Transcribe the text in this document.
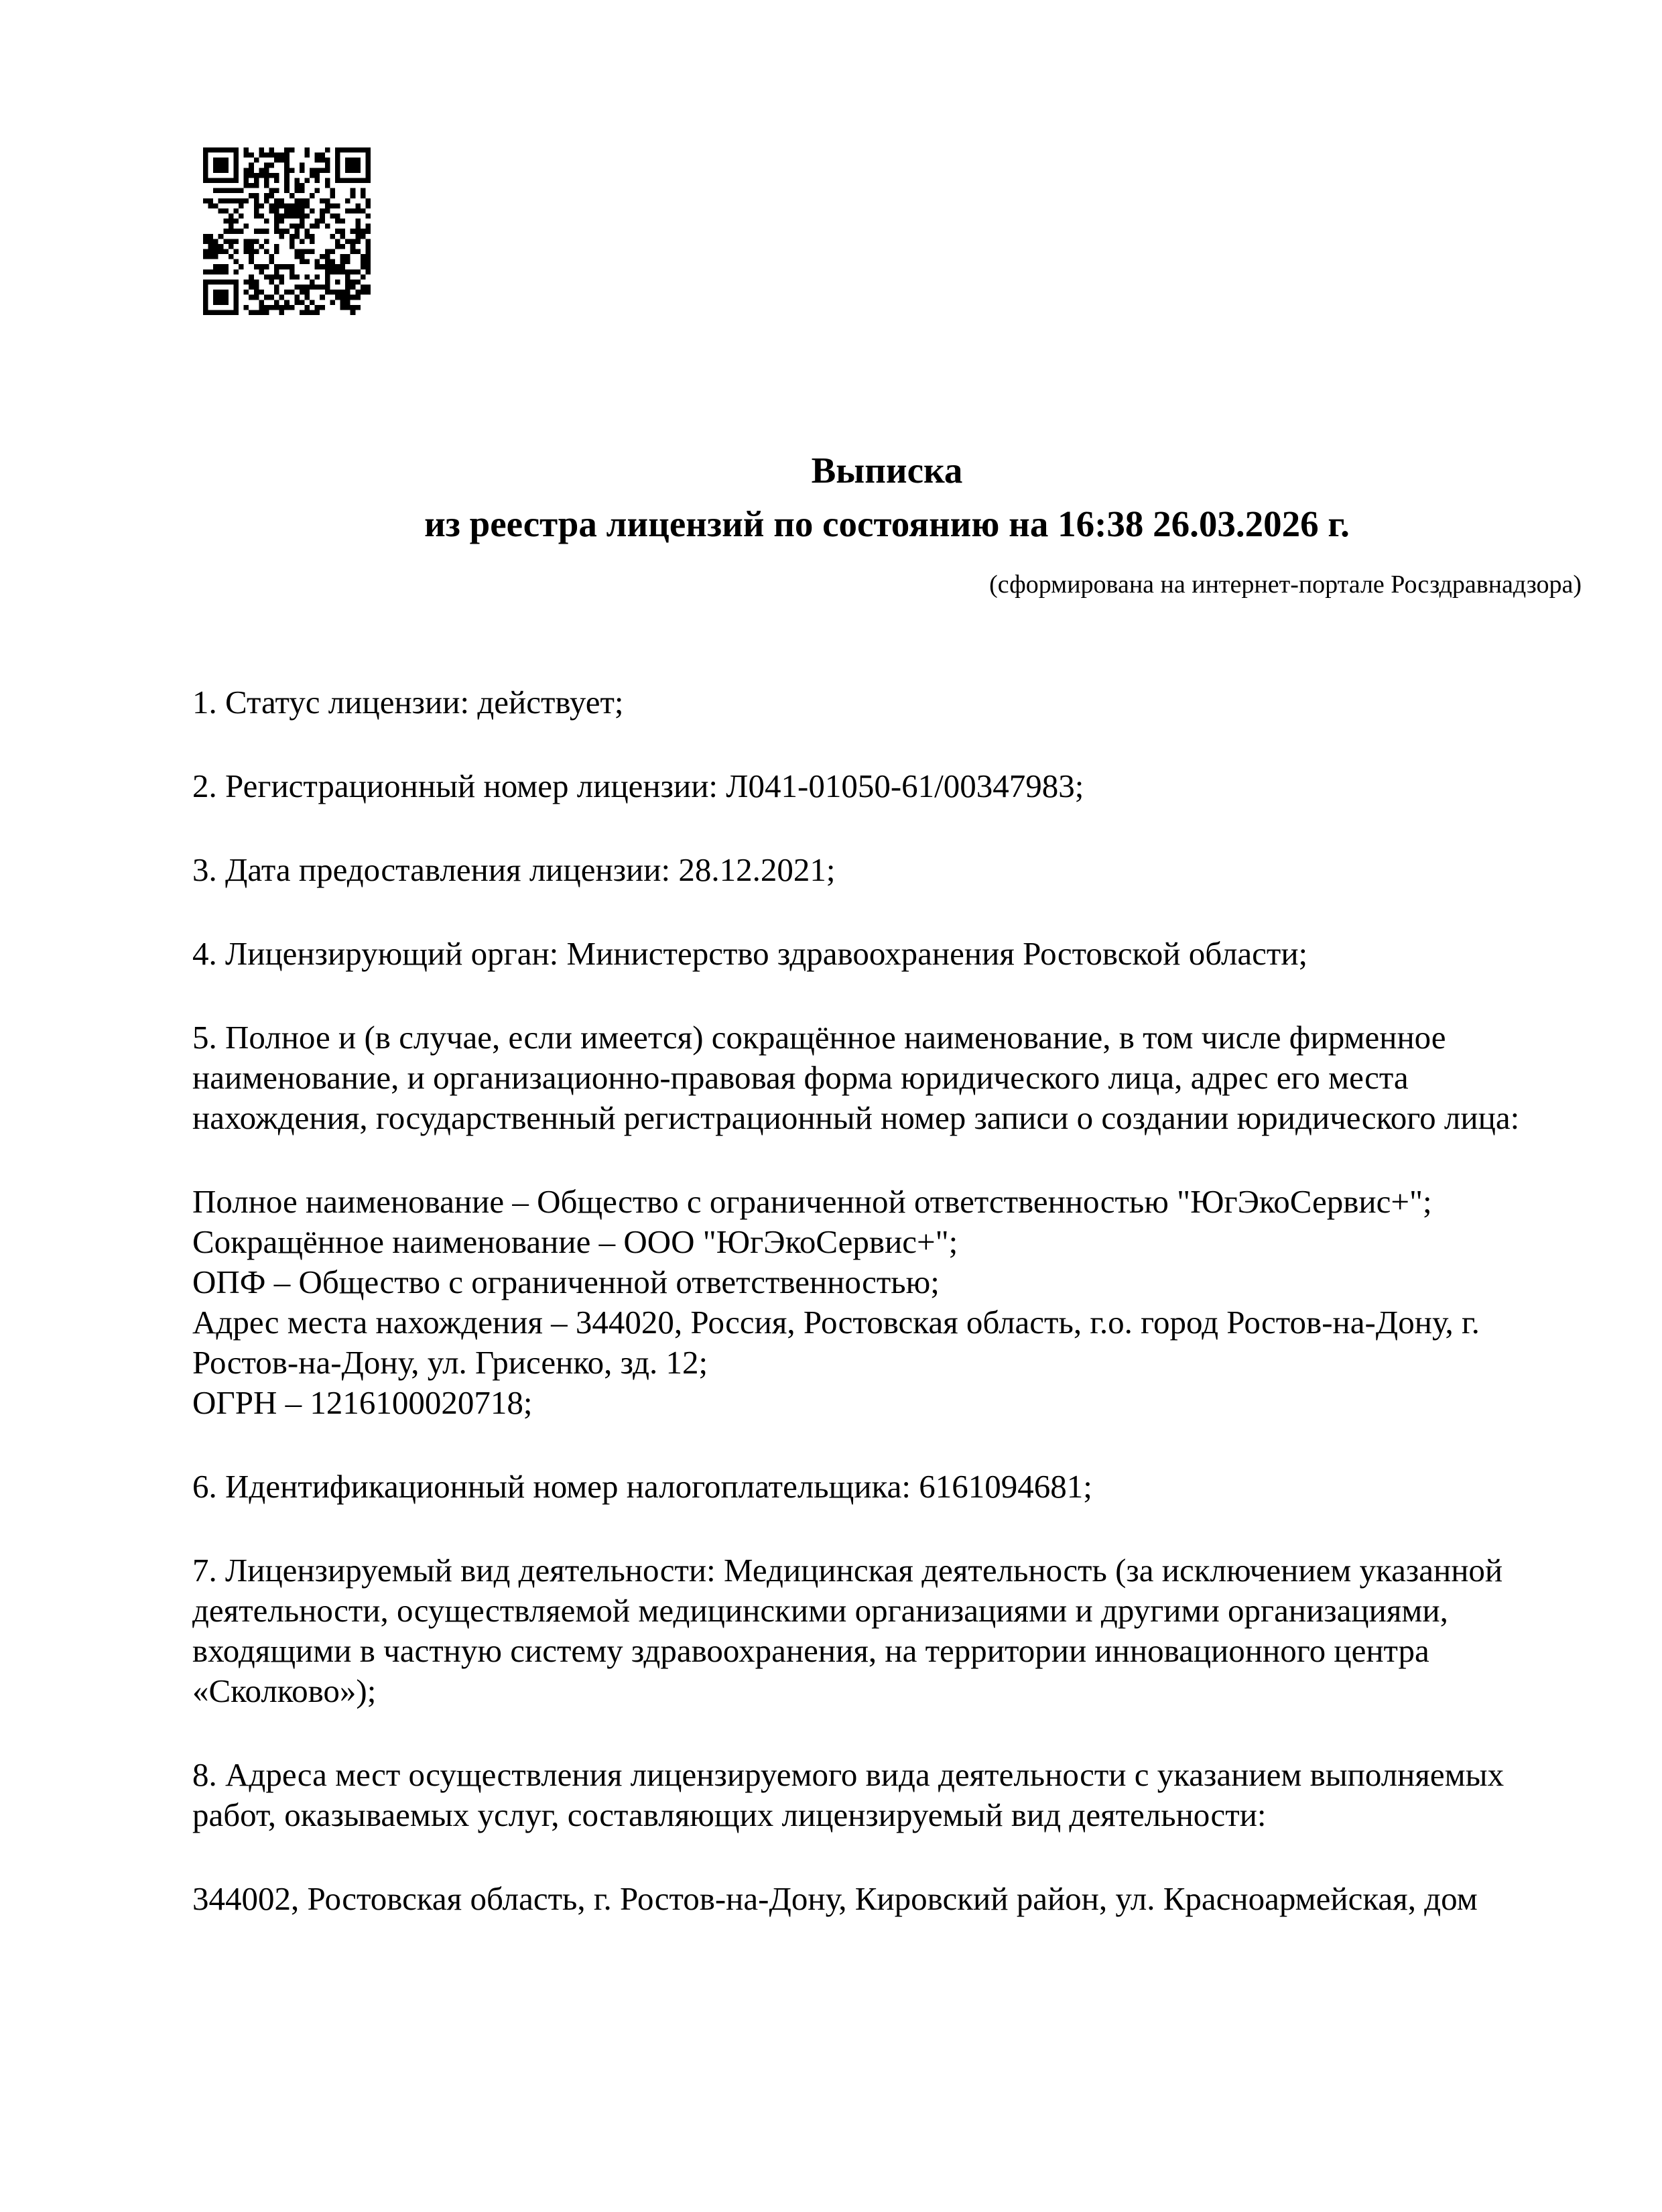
Выписка
из реестра лицензий по состоянию на 16:38 26.03.2026 г.
(сформирована на интернет-портале Росздравнадзора)
1. Статус лицензии: действует;
2. Регистрационный номер лицензии: Л041-01050-61/00347983;
3. Дата предоставления лицензии: 28.12.2021;
4. Лицензирующий орган: Министерство здравоохранения Ростовской области;
5. Полное и (в случае, если имеется) сокращённое наименование, в том числе фирменное
наименование, и организационно-правовая форма юридического лица, адрес его места
нахождения, государственный регистрационный номер записи о создании юридического лица:
Полное наименование – Общество с ограниченной ответственностью "ЮгЭкоСервис+";
Сокращённое наименование – ООО "ЮгЭкоСервис+";
ОПФ – Общество с ограниченной ответственностью;
Адрес места нахождения – 344020, Россия, Ростовская область, г.о. город Ростов-на-Дону, г.
Ростов-на-Дону, ул. Грисенко, зд. 12;
ОГРН – 1216100020718;
6. Идентификационный номер налогоплательщика: 6161094681;
7. Лицензируемый вид деятельности: Медицинская деятельность (за исключением указанной
деятельности, осуществляемой медицинскими организациями и другими организациями,
входящими в частную систему здравоохранения, на территории инновационного центра
«Сколково»);
8. Адреса мест осуществления лицензируемого вида деятельности с указанием выполняемых
работ, оказываемых услуг, составляющих лицензируемый вид деятельности:
344002, Ростовская область, г. Ростов-на-Дону, Кировский район, ул. Красноармейская, дом
